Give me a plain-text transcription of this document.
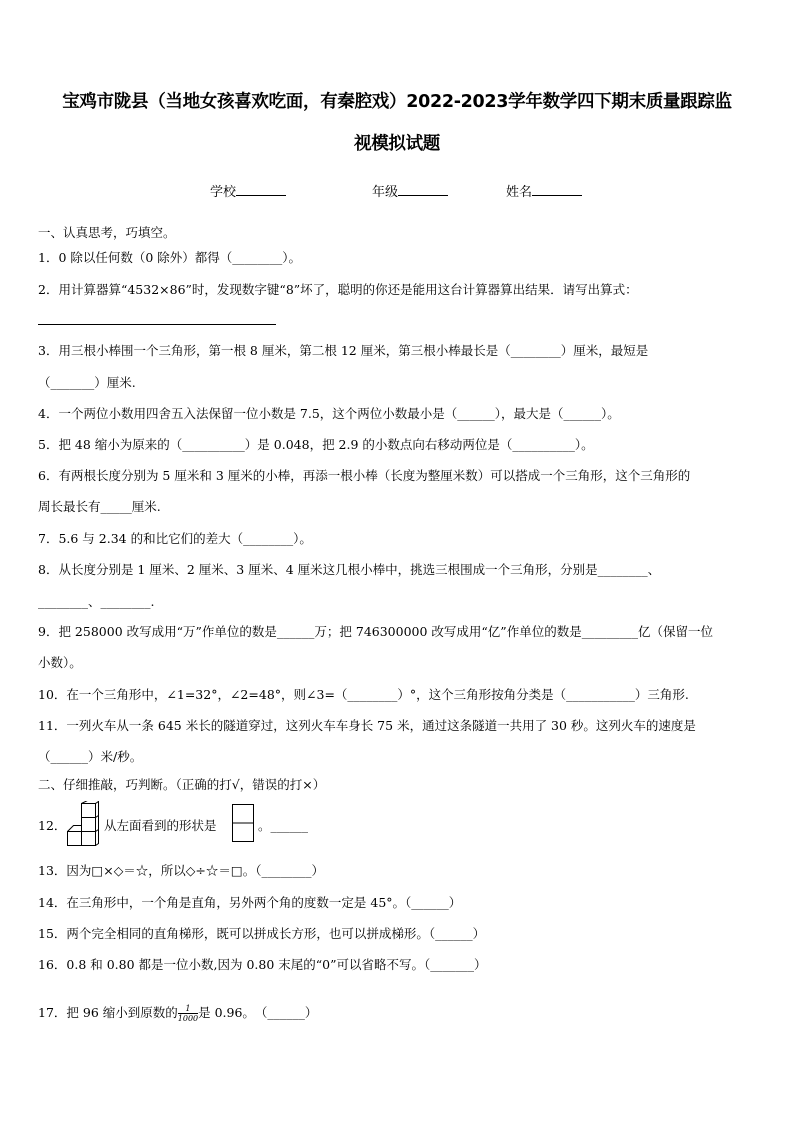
宝鸡市陇县（当地女孩喜欢吃面，有秦腔戏）2022-2023学年数学四下期末质量跟踪监
视模拟试题
学校	年级	姓名
一、认真思考，巧填空。
1．0 除以任何数（0 除外）都得（________）。
2．用计算器算“4532×86”时，发现数字键“8”坏了，聪明的你还是能用这台计算器算出结果．请写出算式：
3．用三根小棒围一个三角形，第一根 8 厘米，第二根 12 厘米，第三根小棒最长是（________）厘米，最短是
（_______）厘米.
4．一个两位小数用四舍五入法保留一位小数是 7.5，这个两位小数最小是（______），最大是（______）。
5．把 48 缩小为原来的（__________）是 0.048，把 2.9 的小数点向右移动两位是（__________）。
6．有两根长度分别为 5 厘米和 3 厘米的小棒，再添一根小棒（长度为整厘米数）可以搭成一个三角形，这个三角形的
周长最长有_____厘米.
7．5.6 与 2.34 的和比它们的差大（________）。
8．从长度分别是 1 厘米、2 厘米、3 厘米、4 厘米这几根小棒中，挑选三根围成一个三角形，分别是________、
________、________.
9．把 258000 改写成用“万”作单位的数是______万；把 746300000 改写成用“亿”作单位的数是_________亿（保留一位
小数）。
10．在一个三角形中，∠1=32°，∠2=48°，则∠3=（________）°，这个三角形按角分类是（___________）三角形.
11．一列火车从一条 645 米长的隧道穿过，这列火车车身长 75 米，通过这条隧道一共用了 30 秒。这列火车的速度是
（______）米/秒。
二、仔细推敲，巧判断。（正确的打√，错误的打×）
12．	从左面看到的形状是	。______
13．因为□×◇＝☆，所以◇÷☆＝□。（________）
14．在三角形中，一个角是直角，另外两个角的度数一定是 45°。（______）
15．两个完全相同的直角梯形，既可以拼成长方形，也可以拼成梯形。（______）
16．0.8 和 0.80 都是一位小数,因为 0.80 末尾的“0”可以省略不写。（_______）
17．把 96 缩小到原数的 $\frac{1}{1000}$ 是 0.96。　（______）
